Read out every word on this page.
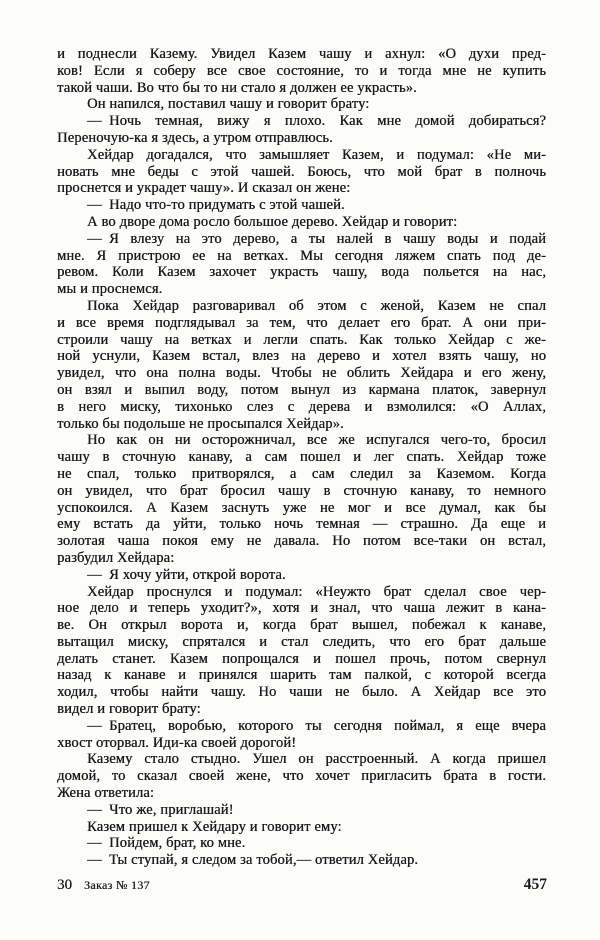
и поднесли Казему. Увидел Казем чашу и ахнул: «О духи пред-
ков! Если я соберу все свое состояние, то и тогда мне не купить
такой чаши. Во что бы то ни стало я должен ее украсть».
Он напился, поставил чашу и говорит брату:
— Ночь темная, вижу я плохо. Как мне домой добираться?
Переночую-ка я здесь, а утром отправлюсь.
Хейдар догадался, что замышляет Казем, и подумал: «Не ми-
новать мне беды с этой чашей. Боюсь, что мой брат в полночь
проснется и украдет чашу». И сказал он жене:
— Надо что-то придумать с этой чашей.
А во дворе дома росло большое дерево. Хейдар и говорит:
— Я влезу на это дерево, а ты налей в чашу воды и подай
мне. Я пристрою ее на ветках. Мы сегодня ляжем спать под де-
ревом. Коли Казем захочет украсть чашу, вода польется на нас,
мы и проснемся.
Пока Хейдар разговаривал об этом с женой, Казем не спал
и все время подглядывал за тем, что делает его брат. А они при-
строили чашу на ветках и легли спать. Как только Хейдар с же-
ной уснули, Казем встал, влез на дерево и хотел взять чашу, но
увидел, что она полна воды. Чтобы не облить Хейдара и его жену,
он взял и выпил воду, потом вынул из кармана платок, завернул
в него миску, тихонько слез с дерева и взмолился: «О Аллах,
только бы подольше не просыпался Хейдар».
Но как он ни осторожничал, все же испугался чего-то, бросил
чашу в сточную канаву, а сам пошел и лег спать. Хейдар тоже
не спал, только притворялся, а сам следил за Каземом. Когда
он увидел, что брат бросил чашу в сточную канаву, то немного
успокоился. А Казем заснуть уже не мог и все думал, как бы
ему встать да уйти, только ночь темная — страшно. Да еще и
золотая чаша покоя ему не давала. Но потом все-таки он встал,
разбудил Хейдара:
— Я хочу уйти, открой ворота.
Хейдар проснулся и подумал: «Неужто брат сделал свое чер-
ное дело и теперь уходит?», хотя и знал, что чаша лежит в кана-
ве. Он открыл ворота и, когда брат вышел, побежал к канаве,
вытащил миску, спрятался и стал следить, что его брат дальше
делать станет. Казем попрощался и пошел прочь, потом свернул
назад к канаве и принялся шарить там палкой, с которой всегда
ходил, чтобы найти чашу. Но чаши не было. А Хейдар все это
видел и говорит брату:
— Братец, воробью, которого ты сегодня поймал, я еще вчера
хвост оторвал. Иди-ка своей дорогой!
Казему стало стыдно. Ушел он расстроенный. А когда пришел
домой, то сказал своей жене, что хочет пригласить брата в гости.
Жена ответила:
— Что же, приглашай!
Казем пришел к Хейдару и говорит ему:
— Пойдем, брат, ко мне.
— Ты ступай, я следом за тобой,— ответил Хейдар.
30 Заказ № 137	457
